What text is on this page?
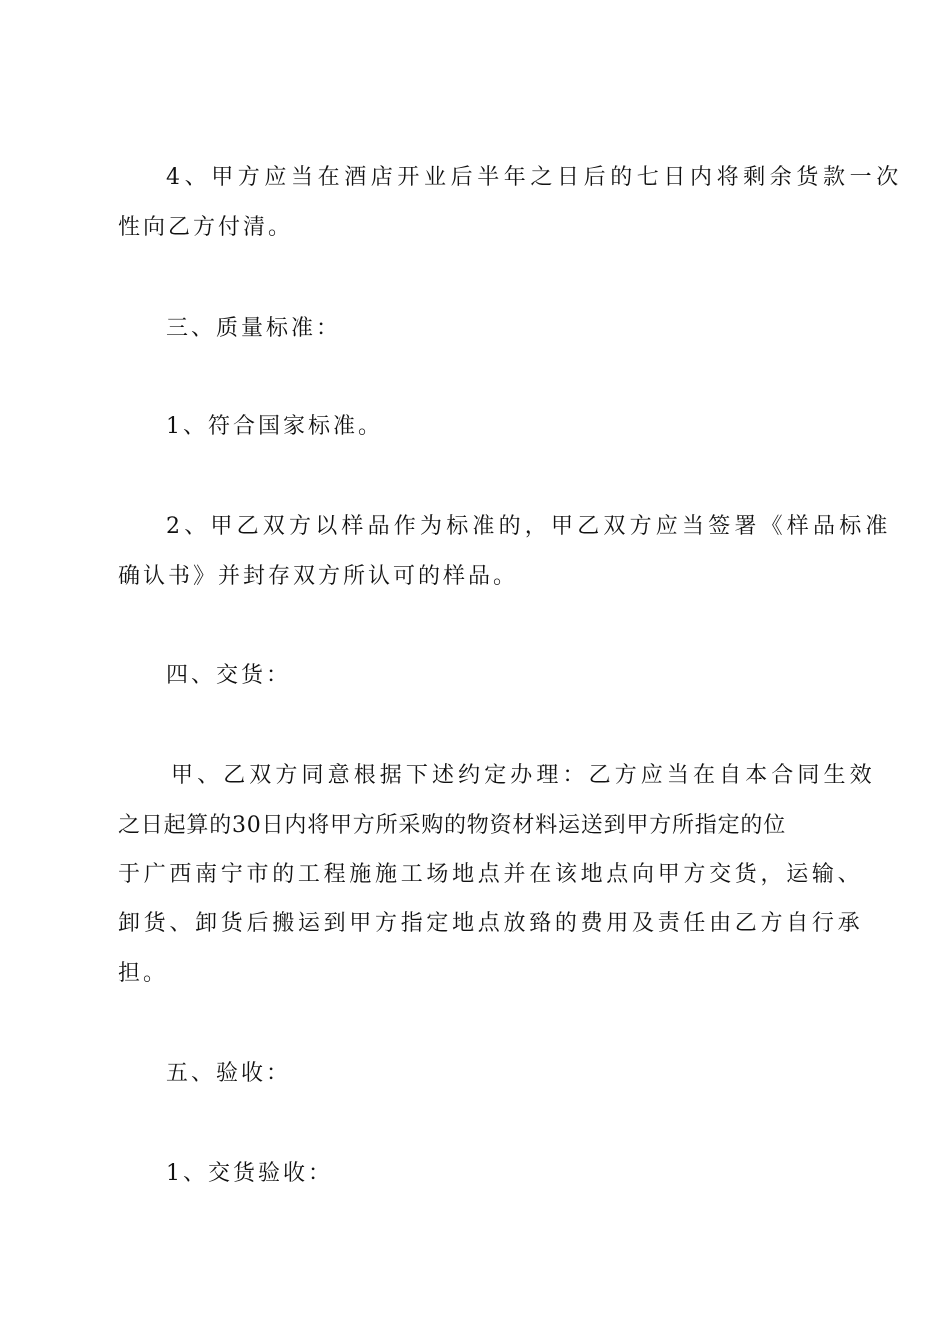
4、甲方应当在酒店开业后半年之日后的七日内将剩余货款一次
性向乙方付清。
三、质量标准：
1、符合国家标准。
2、甲乙双方以样品作为标准的，甲乙双方应当签署《样品标准
确认书》并封存双方所认可的样品。
四、交货：
甲、乙双方同意根据下述约定办理：乙方应当在自本合同生效
之日起算的30日内将甲方所采购的物资材料运送到甲方所指定的位
于广西南宁市的工程施施工场地点并在该地点向甲方交货，运输、
卸货、卸货后搬运到甲方指定地点放臵的费用及责任由乙方自行承
担。
五、验收：
1、交货验收：
